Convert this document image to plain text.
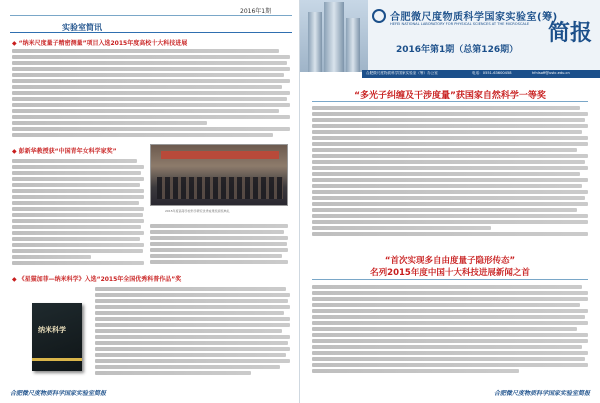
2016年1期
实验室简讯
◆ “纳米尺度量子精密测量”项目入选2015年度高校十大科技进展
◆ 彭新华教授获“中国青年女科学家奖”
2015年度高等学校科学研究优秀成果奖颁奖典礼
◆ 《星猫加菲—纳米科学》入选“2015年全国优秀科普作品”奖
纳米科学
合肥微尺度物质科学国家实验室简报
合肥微尺度物质科学国家实验室(筹)
HEFEI NATIONAL LABORATORY FOR PHYSICAL SCIENCES AT THE MICROSCALE 简报
2016年第1期（总第126期）
合肥微尺度物质科学国家实验室（筹）办公室	电话：0551-63600458	hfnlsoff@ustc.edu.cn
“多光子纠缠及干涉度量”获国家自然科学一等奖
“首次实现多自由度量子隐形传态”
名列2015年度中国十大科技进展新闻之首
合肥微尺度物质科学国家实验室简报
